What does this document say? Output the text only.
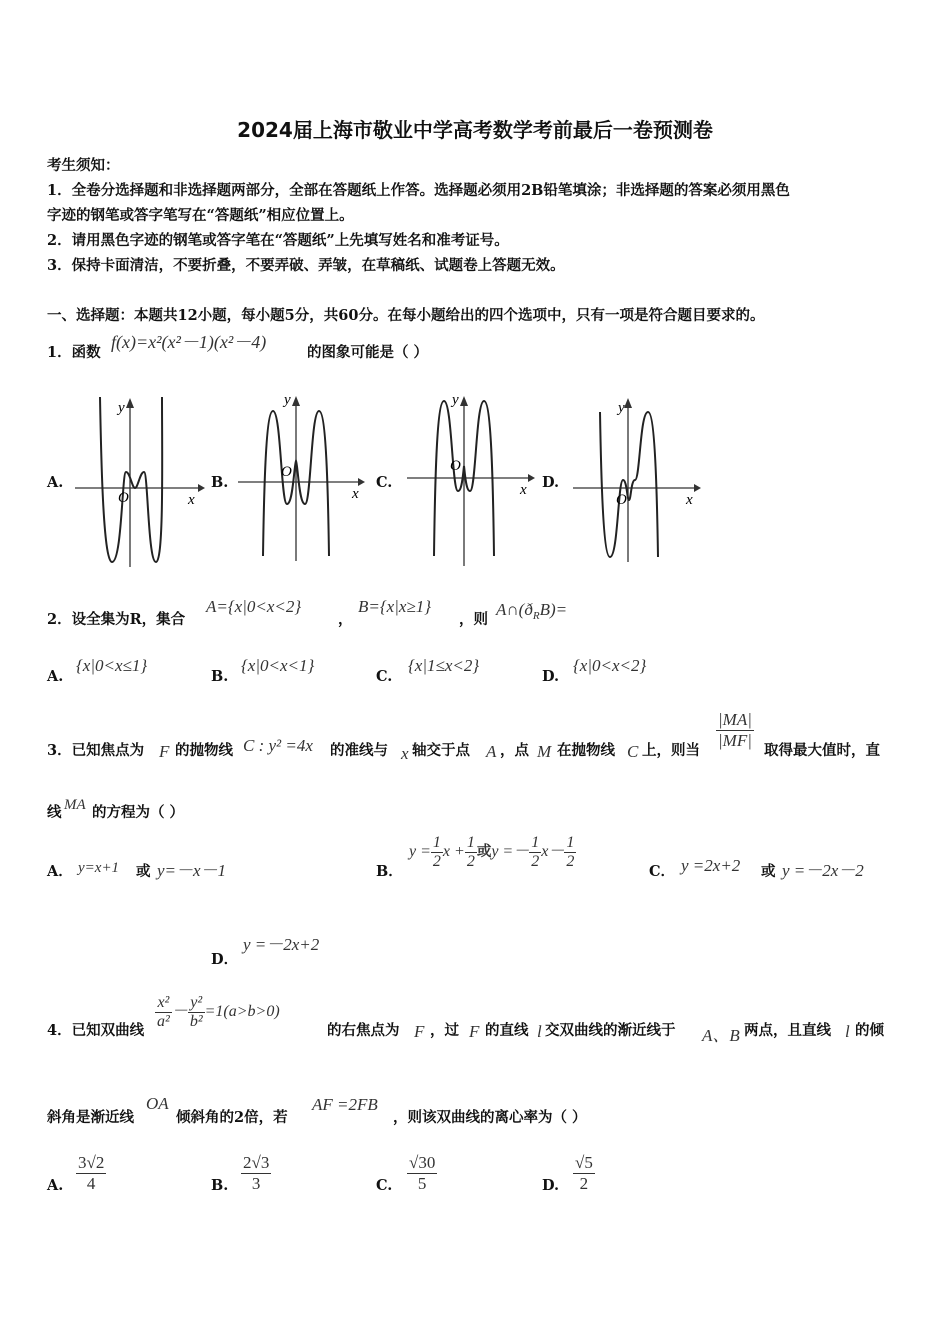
2024届上海市敬业中学高考数学考前最后一卷预测卷
考生须知：
1．全卷分选择题和非选择题两部分，全部在答题纸上作答。选择题必须用2B铅笔填涂；非选择题的答案必须用黑色
字迹的钢笔或答字笔写在“答题纸”相应位置上。
2．请用黑色字迹的钢笔或答字笔在“答题纸”上先填写姓名和准考证号。
3．保持卡面清洁，不要折叠，不要弄破、弄皱，在草稿纸、试题卷上答题无效。
一、选择题：本题共12小题，每小题5分，共60分。在每小题给出的四个选项中，只有一项是符合题目要求的。
1．函数
f(x)=x²(x²－1)(x²－4)
的图象可能是（ ）
A.	B.	C.	D.
y
x
O
y
x
O
y
x
O
y
x
O
2．设全集为R，集合
A={x|0<x<2}
，
B={x|x≥1}
，则
$A\cap(ð_RB)=$
A.
{x|0<x≤1}
B.
{x|0<x<1}
C.
{x|1≤x<2}
D.
{x|0<x<2}
3．已知焦点为 F 的抛物线 C : y² =4x 的准线与 x 轴交于点 A ，点 M 在抛物线 C 上，则当 $\frac{|MA|}{|MF|}$ 取得最大值时，直
线 MA 的方程为（ ）
A． y=x+1 或 y=－x－1	B．
$y = \frac{1}{2}$ $x + \frac{1}{2}$ 或$y =- \frac{1}{2} x- \frac{1}{2}$
C． y =2x+2 或 y =－2x－2
D．
y =－2x+2
4．已知双曲线 $\frac{\text{x²}}{\text{a²}} - \frac{\text{y²}}{\text{b²}} =1(a>b>0)$
的右焦点为 F ，过 F 的直线 l 交双曲线的渐近线于 A、B 两点，且直线 l 的倾
斜角是渐近线
OA
倾斜角的2倍，若
AF =2FB
，则该双曲线的离心率为（ ）
A. $\frac{3√2}{4}$	B. $\frac{2√3}{3}$	C. $\frac{√30}{5}$	D. $\frac{√5}{2}$
